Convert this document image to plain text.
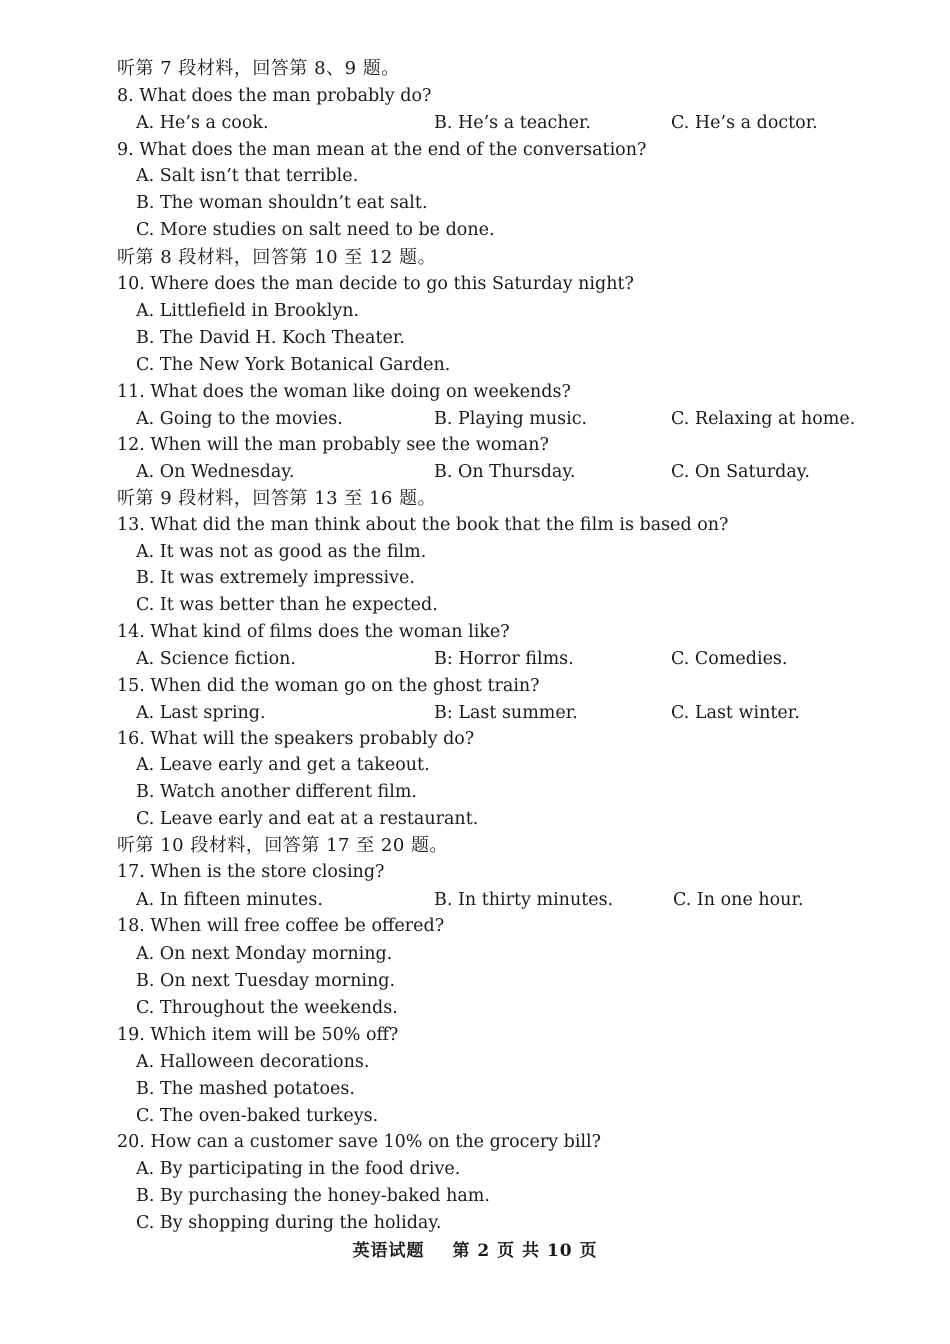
听第 7 段材料，回答第 8、9 题。
8. What does the man probably do?
A. He’s a cook.	B. He’s a teacher.	C. He’s a doctor.
9. What does the man mean at the end of the conversation?
A. Salt isn’t that terrible.
B. The woman shouldn’t eat salt.
C. More studies on salt need to be done.
听第 8 段材料，回答第 10 至 12 题。
10. Where does the man decide to go this Saturday night?
A. Littlefield in Brooklyn.
B. The David H. Koch Theater.
C. The New York Botanical Garden.
11. What does the woman like doing on weekends?
A. Going to the movies.	B. Playing music.	C. Relaxing at home.
12. When will the man probably see the woman?
A. On Wednesday.	B. On Thursday.	C. On Saturday.
听第 9 段材料，回答第 13 至 16 题。
13. What did the man think about the book that the film is based on?
A. It was not as good as the film.
B. It was extremely impressive.
C. It was better than he expected.
14. What kind of films does the woman like?
A. Science fiction.	B: Horror films.	C. Comedies.
15. When did the woman go on the ghost train?
A. Last spring.	B: Last summer.	C. Last winter.
16. What will the speakers probably do?
A. Leave early and get a takeout.
B. Watch another different film.
C. Leave early and eat at a restaurant.
听第 10 段材料，回答第 17 至 20 题。
17. When is the store closing?
A. In fifteen minutes.	B. In thirty minutes.	C. In one hour.
18. When will free coffee be offered?
A. On next Monday morning.
B. On next Tuesday morning.
C. Throughout the weekends.
19. Which item will be 50% off?
A. Halloween decorations.
B. The mashed potatoes.
C. The oven-baked turkeys.
20. How can a customer save 10% on the grocery bill?
A. By participating in the food drive.
B. By purchasing the honey-baked ham.
C. By shopping during the holiday.
英语试题 第 2 页 共 10 页
